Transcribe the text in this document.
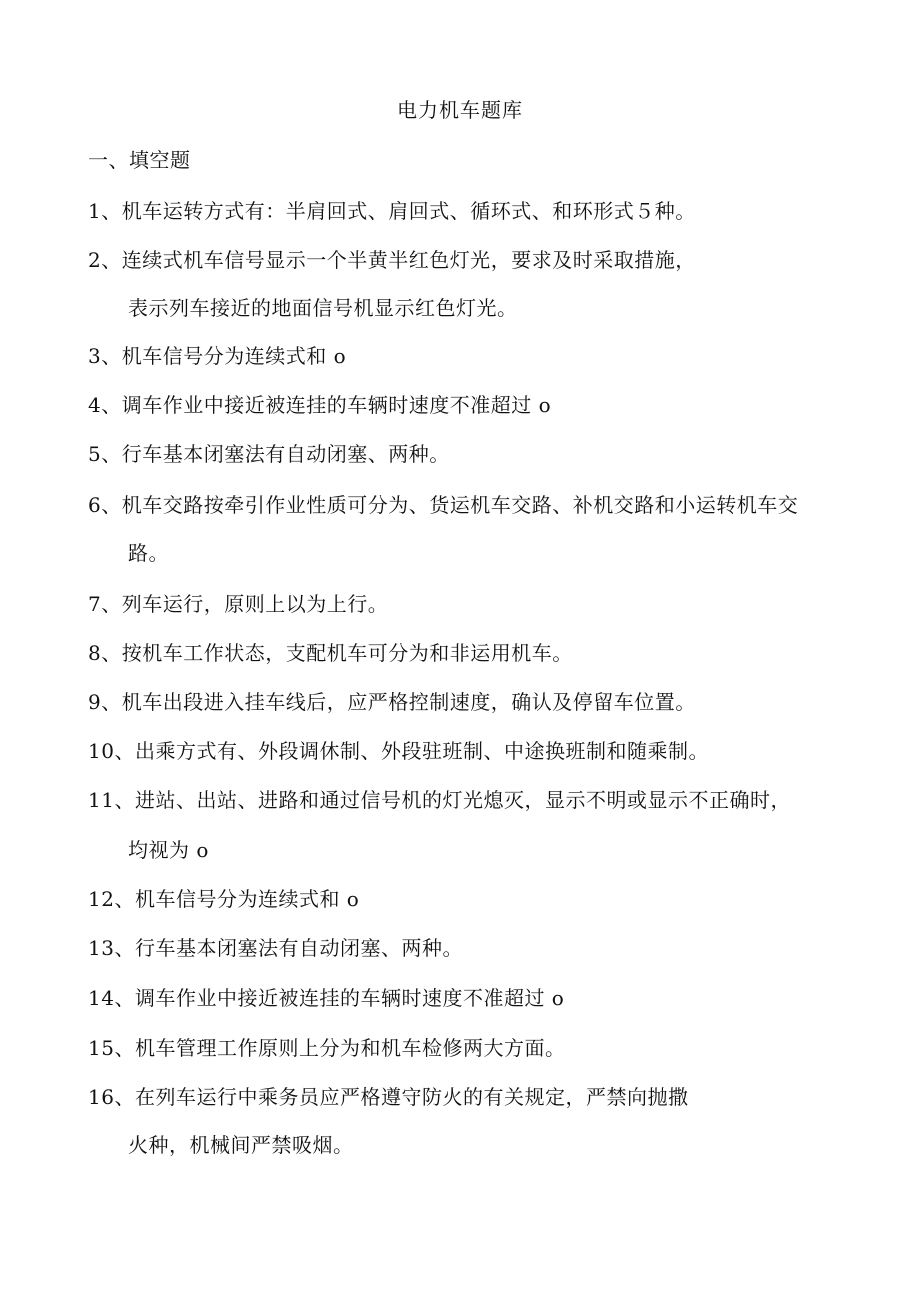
电力机车题库
一、填空题
1、机车运转方式有：半肩回式、肩回式、循环式、和环形式５种。
2、连续式机车信号显示一个半黄半红色灯光，要求及时采取措施，
表示列车接近的地面信号机显示红色灯光。
3、机车信号分为连续式和 o
4、调车作业中接近被连挂的车辆时速度不准超过 o
5、行车基本闭塞法有自动闭塞、两种。
6、机车交路按牵引作业性质可分为、货运机车交路、补机交路和小运转机车交
路。
7、列车运行，原则上以为上行。
8、按机车工作状态，支配机车可分为和非运用机车。
9、机车出段进入挂车线后，应严格控制速度，确认及停留车位置。
10、出乘方式有、外段调休制、外段驻班制、中途换班制和随乘制。
11、进站、出站、进路和通过信号机的灯光熄灭，显示不明或显示不正确时，
均视为 o
12、机车信号分为连续式和 o
13、行车基本闭塞法有自动闭塞、两种。
14、调车作业中接近被连挂的车辆时速度不准超过 o
15、机车管理工作原则上分为和机车检修两大方面。
16、在列车运行中乘务员应严格遵守防火的有关规定，严禁向抛撒
火种，机械间严禁吸烟。
